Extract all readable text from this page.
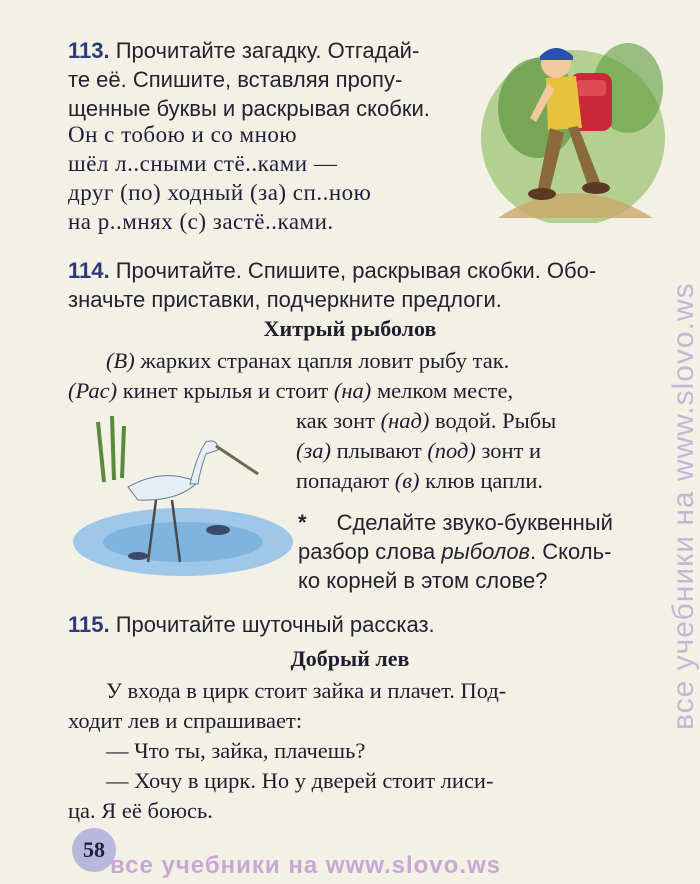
113. Прочитайте загадку. Отгадай-
те её. Спишите, вставляя пропу-
щенные буквы и раскрывая скобки.
Он с тобою и со мною
шёл л..сными стё..ками —
друг (по) ходный (за) сп..ною
на р..мнях (с) застё..ками.
114. Прочитайте. Спишите, раскрывая скобки. Обо-
значьте приставки, подчеркните предлоги.
Хитрый рыболов
(В) жарких странах цапля ловит рыбу так.
(Рас) кинет крылья и стоит (на) мелком месте,
как зонт (над) водой. Рыбы
(за) плывают (под) зонт и
попадают (в) клюв цапли.
* Сделайте звуко-буквенный
разбор слова рыболов. Сколь-
ко корней в этом слове?
115. Прочитайте шуточный рассказ.
Добрый лев
У входа в цирк стоит зайка и плачет. Под-
ходит лев и спрашивает:
— Что ты, зайка, плачешь?
— Хочу в цирк. Но у дверей стоит лиси-
ца. Я её боюсь.
58
все учебники на www.slovo.ws
все учебники на www.slovo.ws
